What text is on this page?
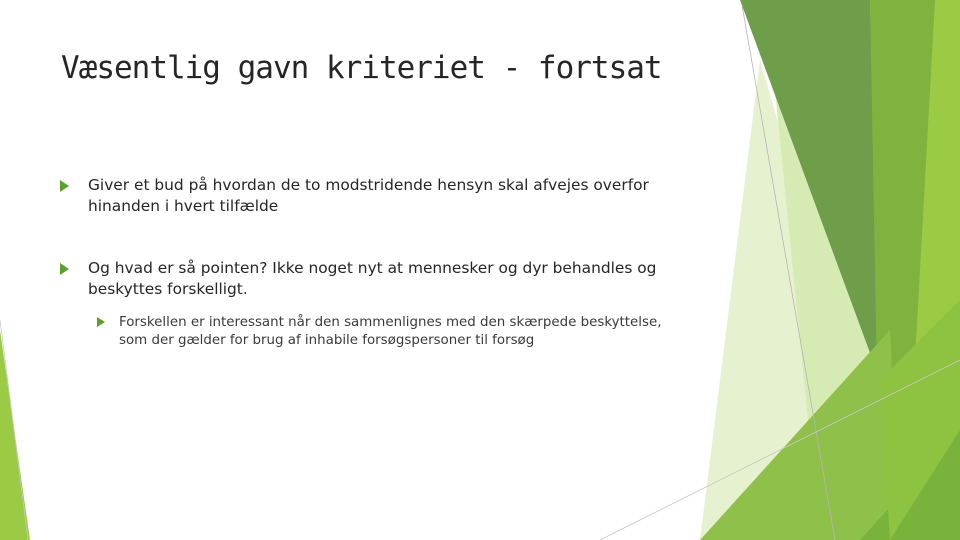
Væsentlig gavn kriteriet - fortsat
Giver et bud på hvordan de to modstridende hensyn skal afvejes overfor
hinanden i hvert tilfælde
Og hvad er så pointen? Ikke noget nyt at mennesker og dyr behandles og
beskyttes forskelligt.
Forskellen er interessant når den sammenlignes med den skærpede beskyttelse,
som der gælder for brug af inhabile forsøgspersoner til forsøg
